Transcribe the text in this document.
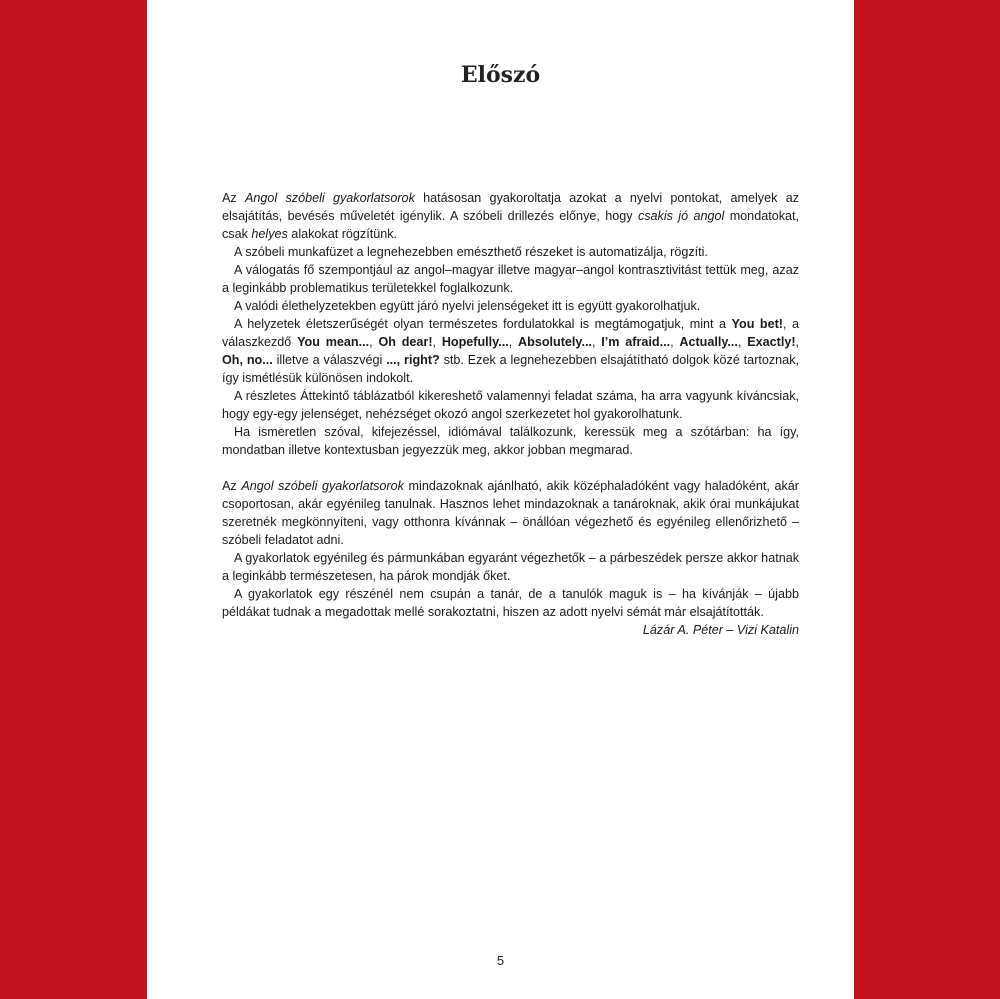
Előszó

Az Angol szóbeli gyakorlatsorok hatásosan gyakoroltatja azokat a nyelvi pontokat, amelyek az elsajátítás, bevésés műveletét igénylik. A szóbeli drillezés előnye, hogy csakis jó angol mondatokat, csak helyes alakokat rögzítünk.

A szóbeli munkafüzet a legnehezebben emészthető részeket is automatizálja, rögzíti.

A válogatás fő szempontjául az angol–magyar illetve magyar–angol kontrasztivitást tettük meg, azaz a leginkább problematikus területekkel foglalkozunk.

A valódi élethelyzetekben együtt járó nyelvi jelenségeket itt is együtt gyakorolhatjuk.

A helyzetek életszerűségét olyan természetes fordulatokkal is megtámogatjuk, mint a You bet!, a válaszkezdő You mean..., Oh dear!, Hopefully..., Absolutely..., I’m afraid..., Actually..., Exactly!, Oh, no... illetve a válaszvégi ..., right? stb. Ezek a legnehezebben elsajátítható dolgok közé tartoznak, így ismétlésük különösen indokolt.

A részletes Áttekintő táblázatból kikereshető valamennyi feladat száma, ha arra vagyunk kíváncsiak, hogy egy-egy jelenséget, nehézséget okozó angol szerkezetet hol gyakorolhatunk.

Ha ismeretlen szóval, kifejezéssel, idiómával találkozunk, keressük meg a szótárban: ha így, mondatban illetve kontextusban jegyezzük meg, akkor jobban megmarad.

Az Angol szóbeli gyakorlatsorok mindazoknak ajánlható, akik középhaladóként vagy haladóként, akár csoportosan, akár egyénileg tanulnak. Hasznos lehet mindazoknak a tanároknak, akik órai munkájukat szeretnék megkönnyíteni, vagy otthonra kívánnak – önállóan végezhető és egyénileg ellenőrizhető – szóbeli feladatot adni.

A gyakorlatok egyénileg és pármunkában egyaránt végezhetők – a párbeszédek persze akkor hatnak a leginkább természetesen, ha párok mondják őket.

A gyakorlatok egy részénél nem csupán a tanár, de a tanulók maguk is – ha kívánják – újabb példákat tudnak a megadottak mellé sorakoztatni, hiszen az adott nyelvi sémát már elsajátították.

Lázár A. Péter – Vizi Katalin

5
